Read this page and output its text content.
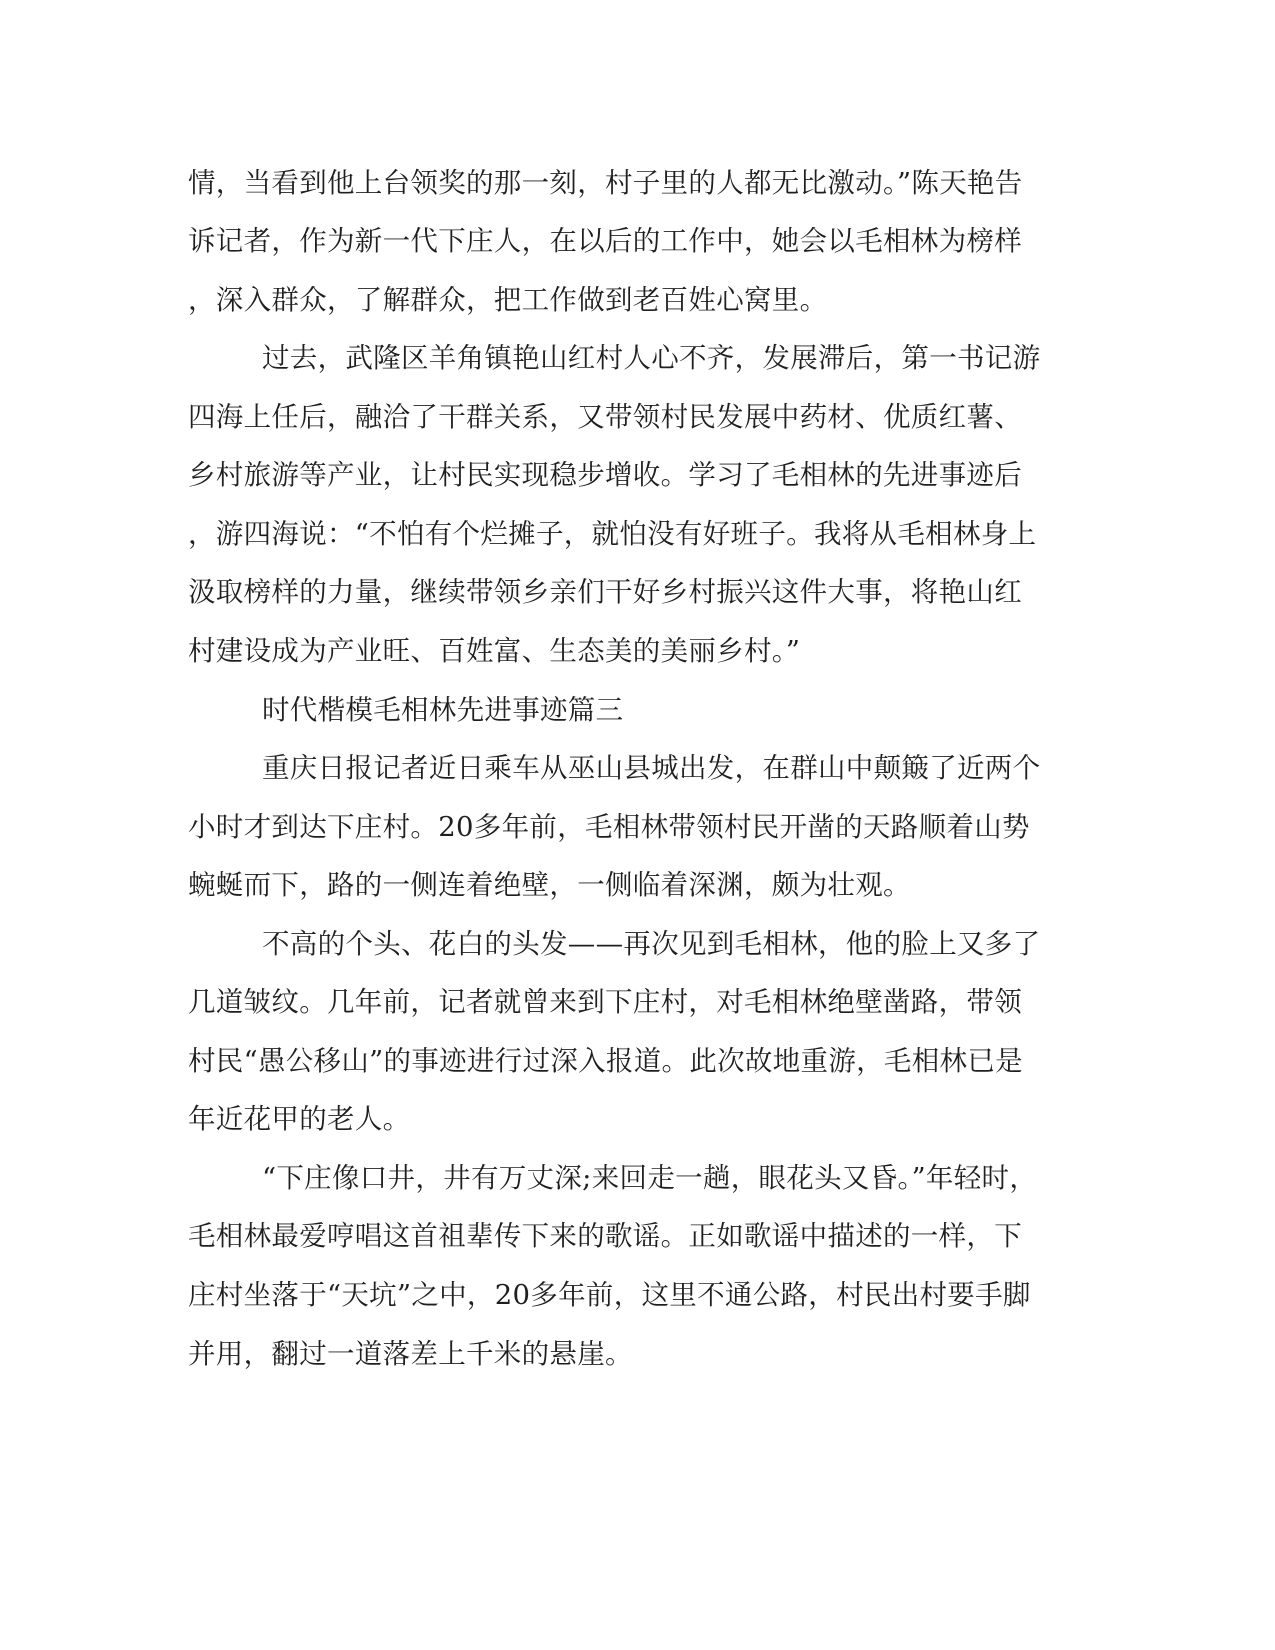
情，当看到他上台领奖的那一刻，村子里的人都无比激动。”陈天艳告
诉记者，作为新一代下庄人，在以后的工作中，她会以毛相林为榜样
，深入群众，了解群众，把工作做到老百姓心窝里。
过去，武隆区羊角镇艳山红村人心不齐，发展滞后，第一书记游
四海上任后，融洽了干群关系，又带领村民发展中药材、优质红薯、
乡村旅游等产业，让村民实现稳步增收。学习了毛相林的先进事迹后
，游四海说：“不怕有个烂摊子，就怕没有好班子。我将从毛相林身上
汲取榜样的力量，继续带领乡亲们干好乡村振兴这件大事，将艳山红
村建设成为产业旺、百姓富、生态美的美丽乡村。”
时代楷模毛相林先进事迹篇三
重庆日报记者近日乘车从巫山县城出发，在群山中颠簸了近两个
小时才到达下庄村。20多年前，毛相林带领村民开凿的天路顺着山势
蜿蜒而下，路的一侧连着绝壁，一侧临着深渊，颇为壮观。
不高的个头、花白的头发——再次见到毛相林，他的脸上又多了
几道皱纹。几年前，记者就曾来到下庄村，对毛相林绝壁凿路，带领
村民“愚公移山”的事迹进行过深入报道。此次故地重游，毛相林已是
年近花甲的老人。
“下庄像口井，井有万丈深;来回走一趟，眼花头又昏。”年轻时，
毛相林最爱哼唱这首祖辈传下来的歌谣。正如歌谣中描述的一样，下
庄村坐落于“天坑”之中，20多年前，这里不通公路，村民出村要手脚
并用，翻过一道落差上千米的悬崖。
